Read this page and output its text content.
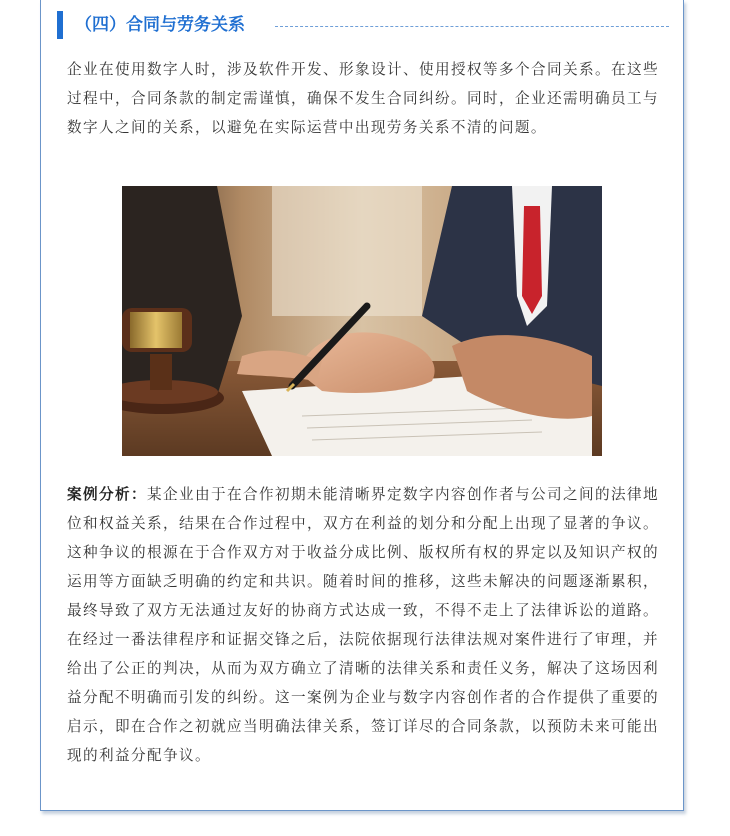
（四）合同与劳务关系

企业在使用数字人时，涉及软件开发、形象设计、使用授权等多个合同关系。在这些过程中，合同条款的制定需谨慎，确保不发生合同纠纷。同时，企业还需明确员工与数字人之间的关系，以避免在实际运营中出现劳务关系不清的问题。

案例分析：某企业由于在合作初期未能清晰界定数字内容创作者与公司之间的法律地位和权益关系，结果在合作过程中，双方在利益的划分和分配上出现了显著的争议。这种争议的根源在于合作双方对于收益分成比例、版权所有权的界定以及知识产权的运用等方面缺乏明确的约定和共识。随着时间的推移，这些未解决的问题逐渐累积，最终导致了双方无法通过友好的协商方式达成一致，不得不走上了法律诉讼的道路。在经过一番法律程序和证据交锋之后，法院依据现行法律法规对案件进行了审理，并给出了公正的判决，从而为双方确立了清晰的法律关系和责任义务，解决了这场因利益分配不明确而引发的纠纷。这一案例为企业与数字内容创作者的合作提供了重要的启示，即在合作之初就应当明确法律关系，签订详尽的合同条款，以预防未来可能出现的利益分配争议。
